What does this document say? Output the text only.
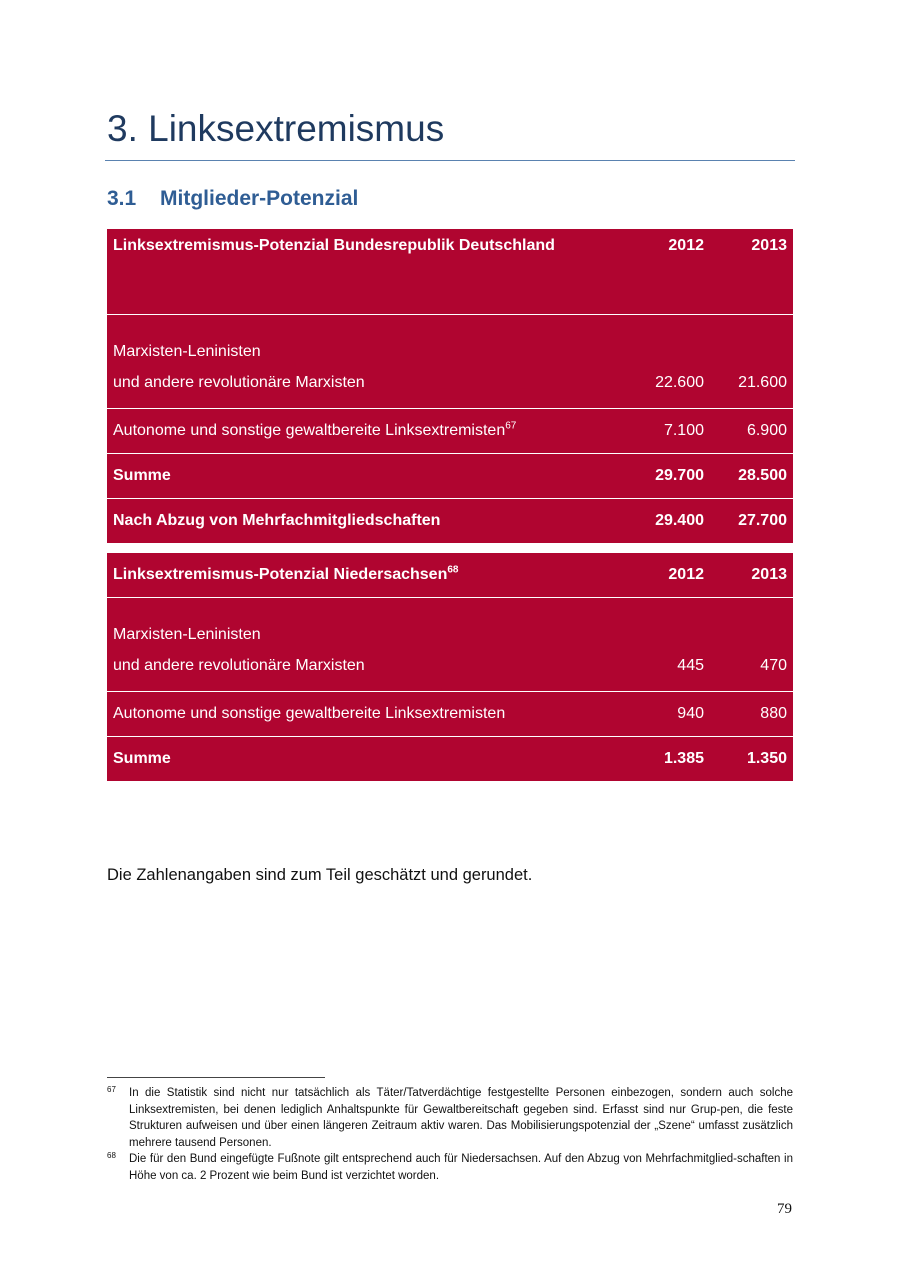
3. Linksextremismus
3.1 Mitglieder-Potenzial
Linksextremismus-Potenzial Bundesrepublik Deutschland	2012	2013

Marxisten-Leninisten
und andere revolutionäre Marxisten	22.600	21.600
Autonome und sonstige gewaltbereite Linksextremisten$^{67}$	7.100	6.900
Summe	29.700	28.500
Nach Abzug von Mehrfachmitgliedschaften	29.400	27.700
Linksextremismus-Potenzial Niedersachsen$^{68}$	2012	2013

Marxisten-Leninisten
und andere revolutionäre Marxisten	445	470
Autonome und sonstige gewaltbereite Linksextremisten	940	880
Summe	1.385	1.350

Die Zahlenangaben sind zum Teil geschätzt und gerundet.

67 In die Statistik sind nicht nur tatsächlich als Täter/Tatverdächtige festgestellte Personen einbezogen, sondern auch solche Linksextremisten, bei denen lediglich Anhaltspunkte für Gewaltbereitschaft gegeben sind. Erfasst sind nur Grup-pen, die feste Strukturen aufweisen und über einen längeren Zeitraum aktiv waren. Das Mobilisierungspotenzial der „Szene“ umfasst zusätzlich mehrere tausend Personen.
68 Die für den Bund eingefügte Fußnote gilt entsprechend auch für Niedersachsen. Auf den Abzug von Mehrfachmitglied-schaften in Höhe von ca. 2 Prozent wie beim Bund ist verzichtet worden.
79
